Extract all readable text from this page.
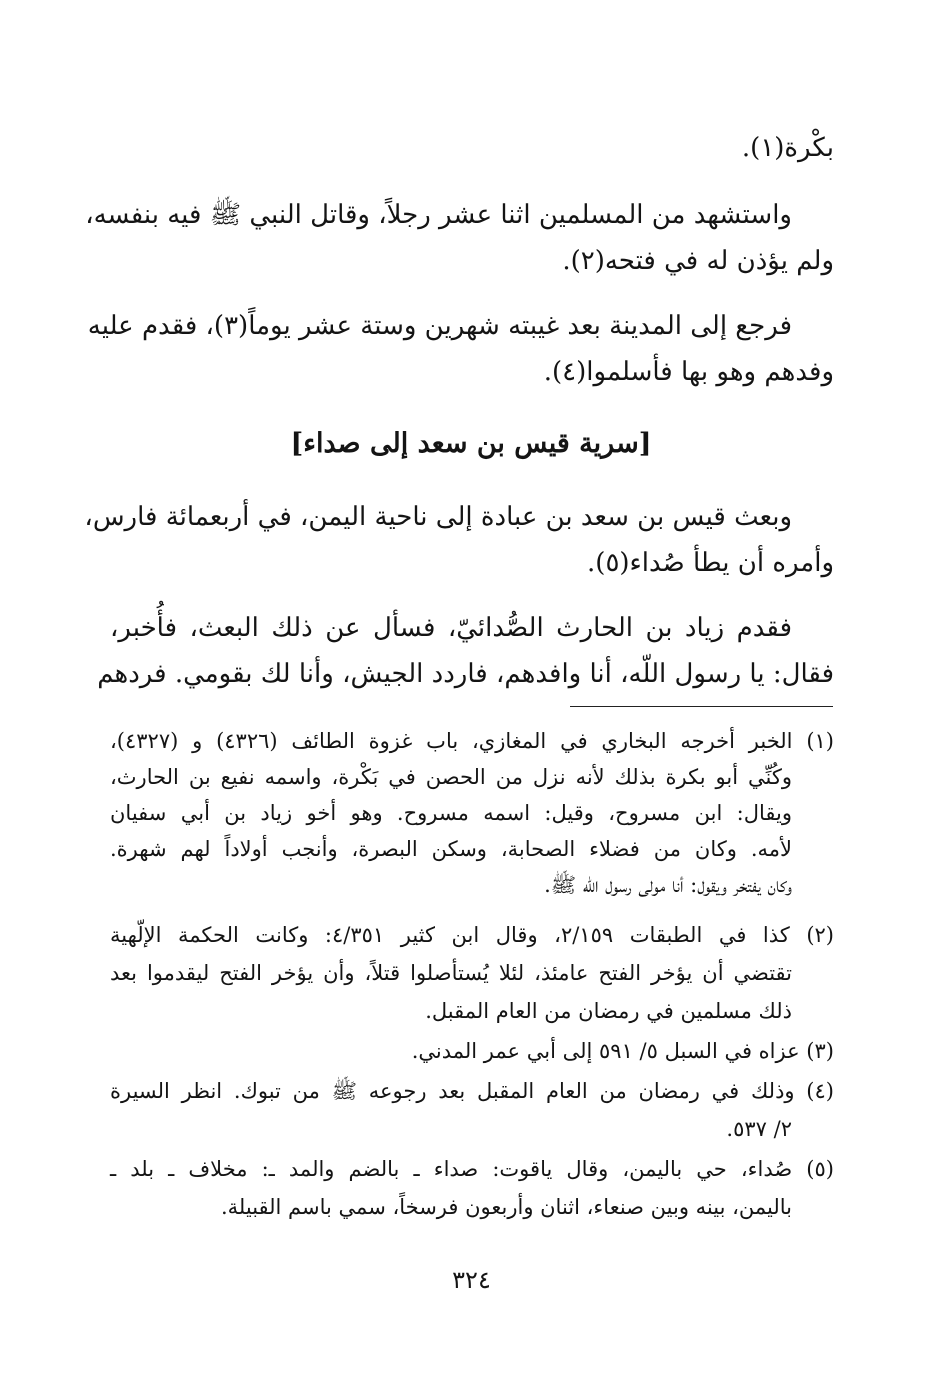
بكْرة(١).
واستشهد من المسلمين اثنا عشر رجلاً، وقاتل النبي ﷺ فيه بنفسه،
ولم يؤذن له في فتحه(٢).
فرجع إلى المدينة بعد غيبته شهرين وستة عشر يوماً(٣)، فقدم عليه
وفدهم وهو بها فأسلموا(٤).
[سرية قيس بن سعد إلى صداء]
وبعث قيس بن سعد بن عبادة إلى ناحية اليمن، في أربعمائة فارس،
وأمره أن يطأ صُداء(٥).
فقدم زياد بن الحارث الصُّدائيّ، فسأل عن ذلك البعث، فأُخبر،
فقال: يا رسول اللّه، أنا وافدهم، فاردد الجيش، وأنا لك بقومي. فردهم
(١) الخبر أخرجه البخاري في المغازي، باب غزوة الطائف (٤٣٢٦) و (٤٣٢٧)،
وكُنِّي أبو بكرة بذلك لأنه نزل من الحصن في بَكْرة، واسمه نفيع بن الحارث،
ويقال: ابن مسروح، وقيل: اسمه مسروح. وهو أخو زياد بن أبي سفيان
لأمه. وكان من فضلاء الصحابة، وسكن البصرة، وأنجب أولاداً لهم شهرة.
وكان يفتخر ويقول: أنا مولى رسول الله ﷺ.
(٢) كذا في الطبقات ٢/١٥٩، وقال ابن كثير ٤/٣٥١: وكانت الحكمة الإلّهية
تقتضي أن يؤخر الفتح عامئذ، لئلا يُستأصلوا قتلاً، وأن يؤخر الفتح ليقدموا بعد
ذلك مسلمين في رمضان من العام المقبل.
(٣) عزاه في السبل ٥/ ٥٩١ إلى أبي عمر المدني.
(٤) وذلك في رمضان من العام المقبل بعد رجوعه ﷺ من تبوك. انظر السيرة
٢/ ٥٣٧.
(٥) صُداء، حي باليمن، وقال ياقوت: صداء ـ بالضم والمد ـ: مخلاف ـ بلد ـ
باليمن، بينه وبين صنعاء، اثنان وأربعون فرسخاً، سمي باسم القبيلة.
٣٢٤
